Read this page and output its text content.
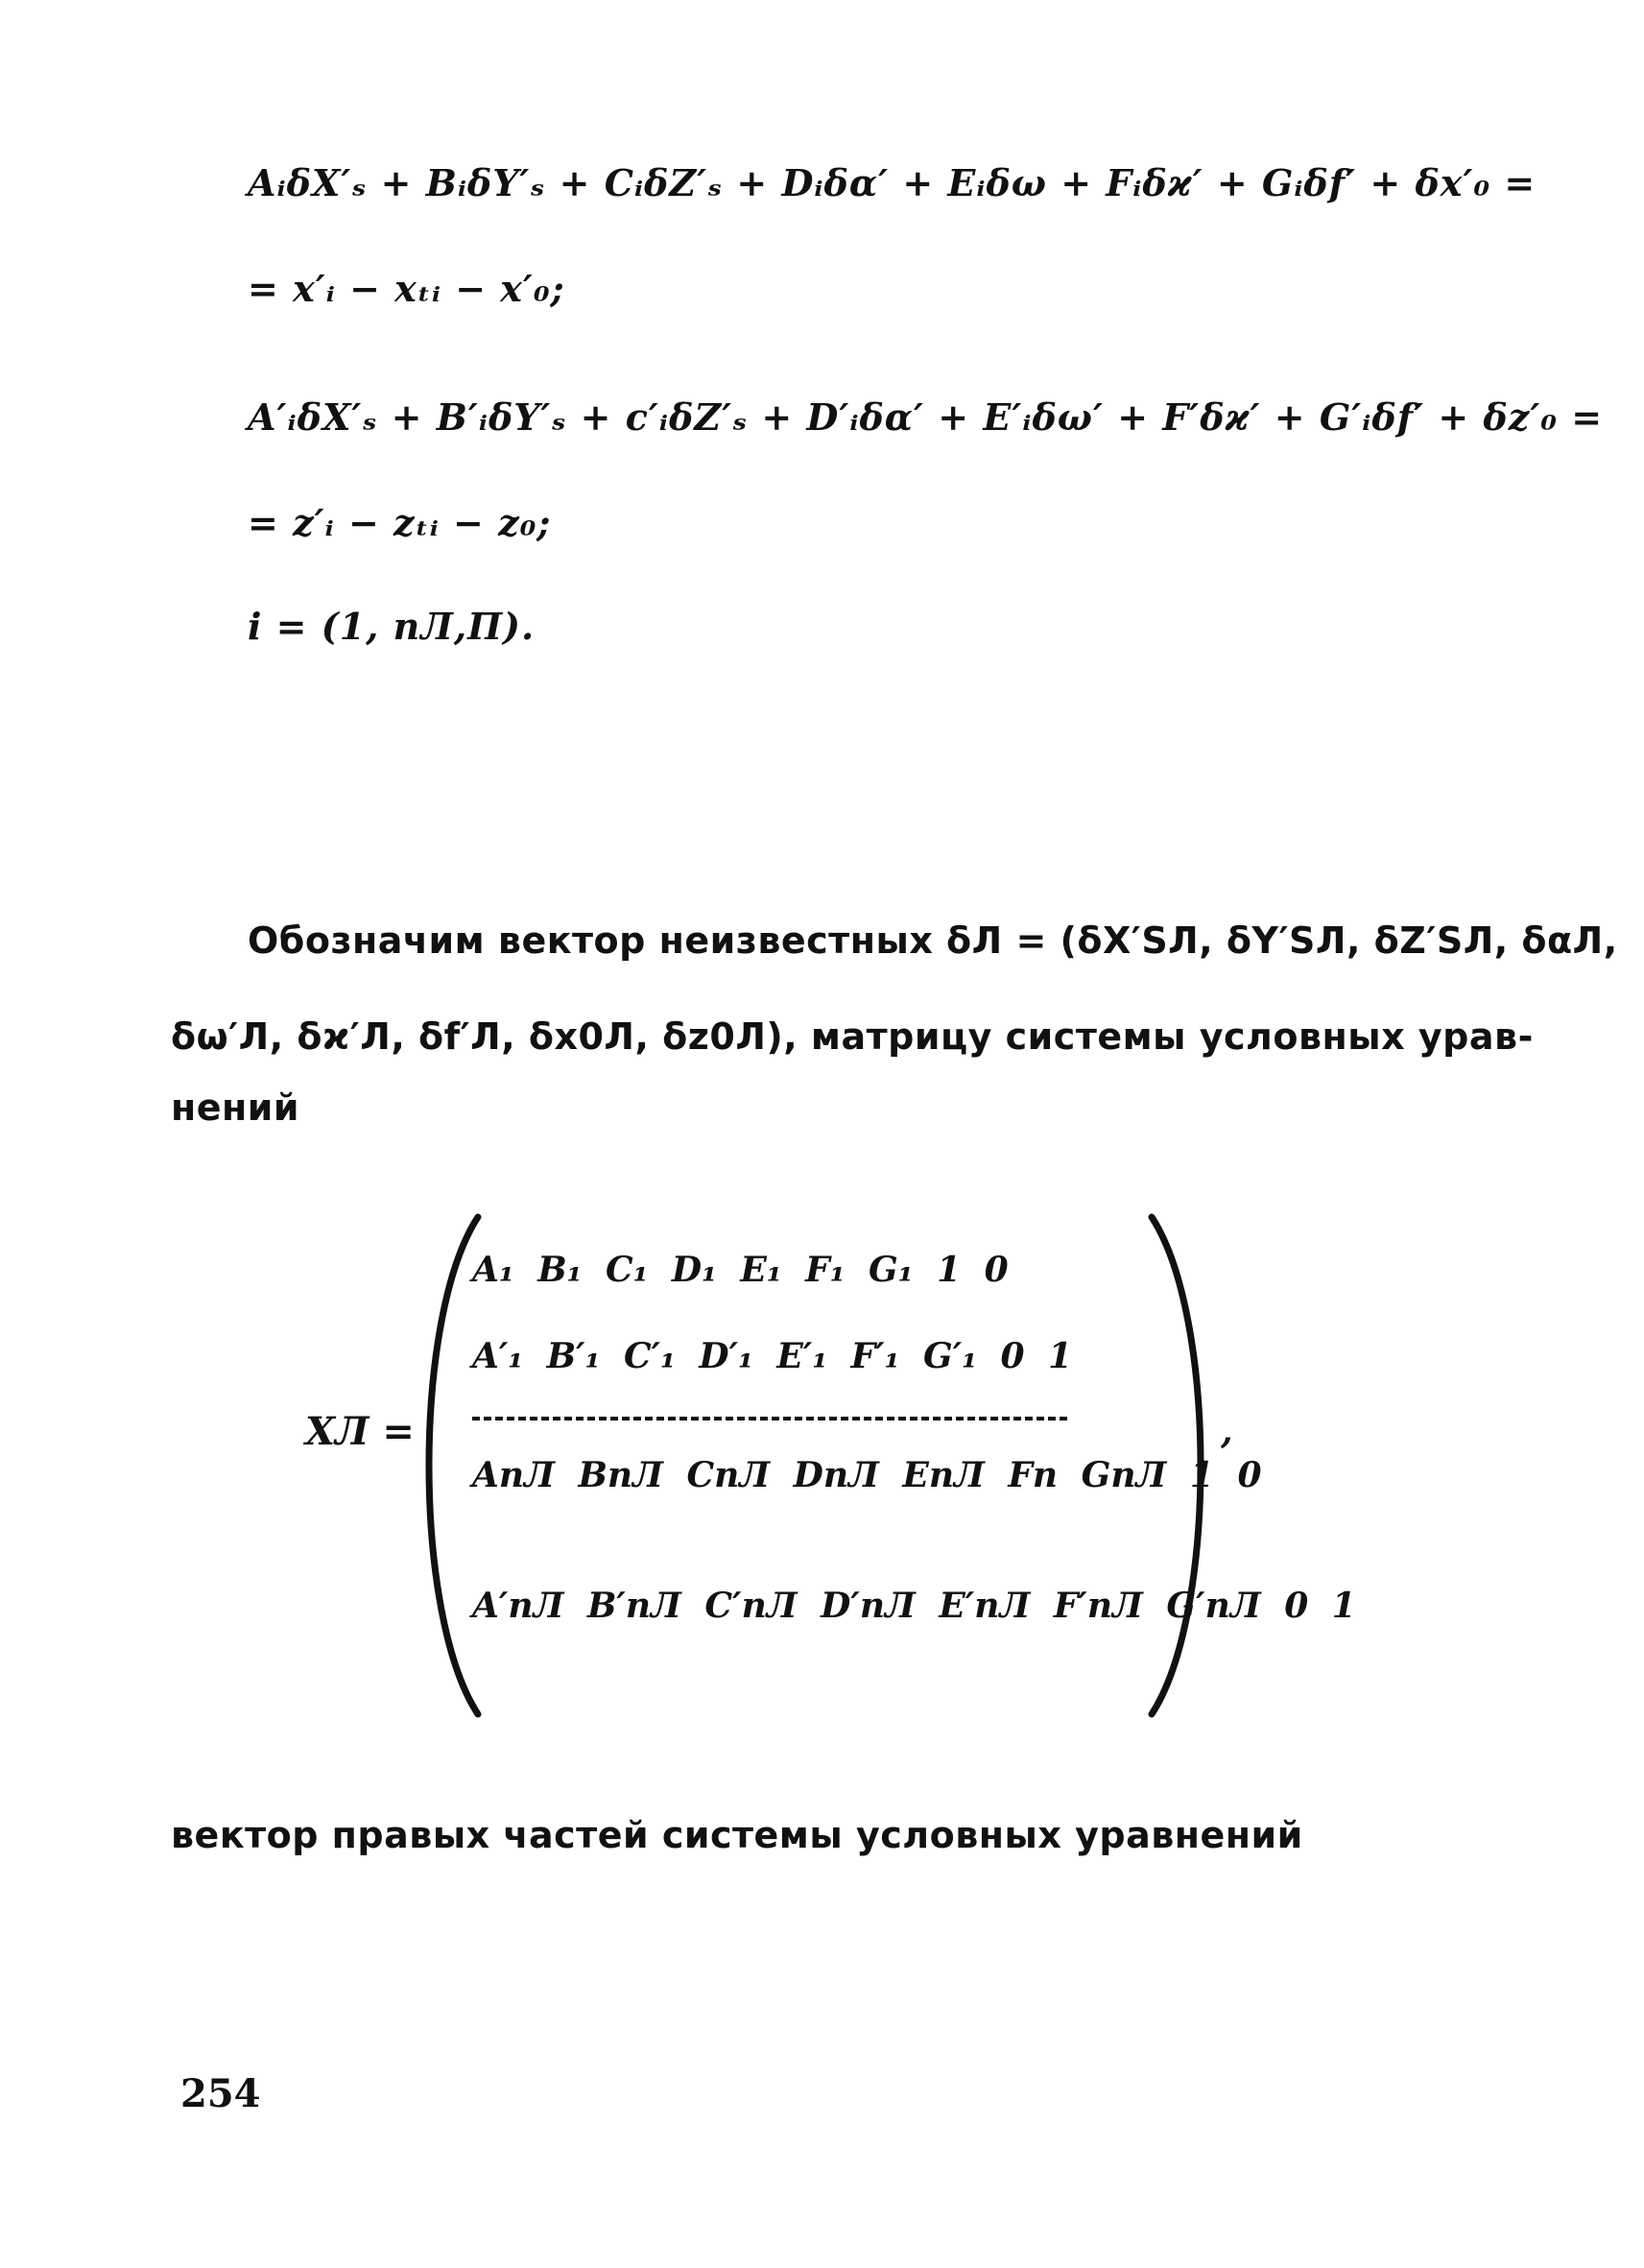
AᵢδX′ₛ + BᵢδY′ₛ + CᵢδZ′ₛ + Dᵢδα′ + Eᵢδω + Fᵢδϰ′ + Gᵢδf′ + δx′₀ =
= x′ᵢ − xₜᵢ − x′₀;
A′ᵢδX′ₛ + B′ᵢδY′ₛ + c′ᵢδZ′ₛ + D′ᵢδα′ + E′ᵢδω′ + F′δϰ′ + G′ᵢδf′ + δz′₀ =
= z′ᵢ − zₜᵢ − z₀;
i = (1, nЛ,П).
Обозначим вектор неизвестных δЛ = (δX′SЛ, δY′SЛ, δZ′SЛ, δαЛ,
δω′Л, δϰ′Л, δf′Л, δx0Л, δz0Л), матрицу системы условных урав-
нений
XЛ =
A₁ B₁ C₁ D₁ E₁ F₁ G₁ 1 0
A′₁ B′₁ C′₁ D′₁ E′₁ F′₁ G′₁ 0 1
AnЛ BnЛ CnЛ DnЛ EnЛ Fn GnЛ 1 0
A′nЛ B′nЛ C′nЛ D′nЛ E′nЛ F′nЛ G′nЛ 0 1
,
вектор правых частей системы условных уравнений
254
